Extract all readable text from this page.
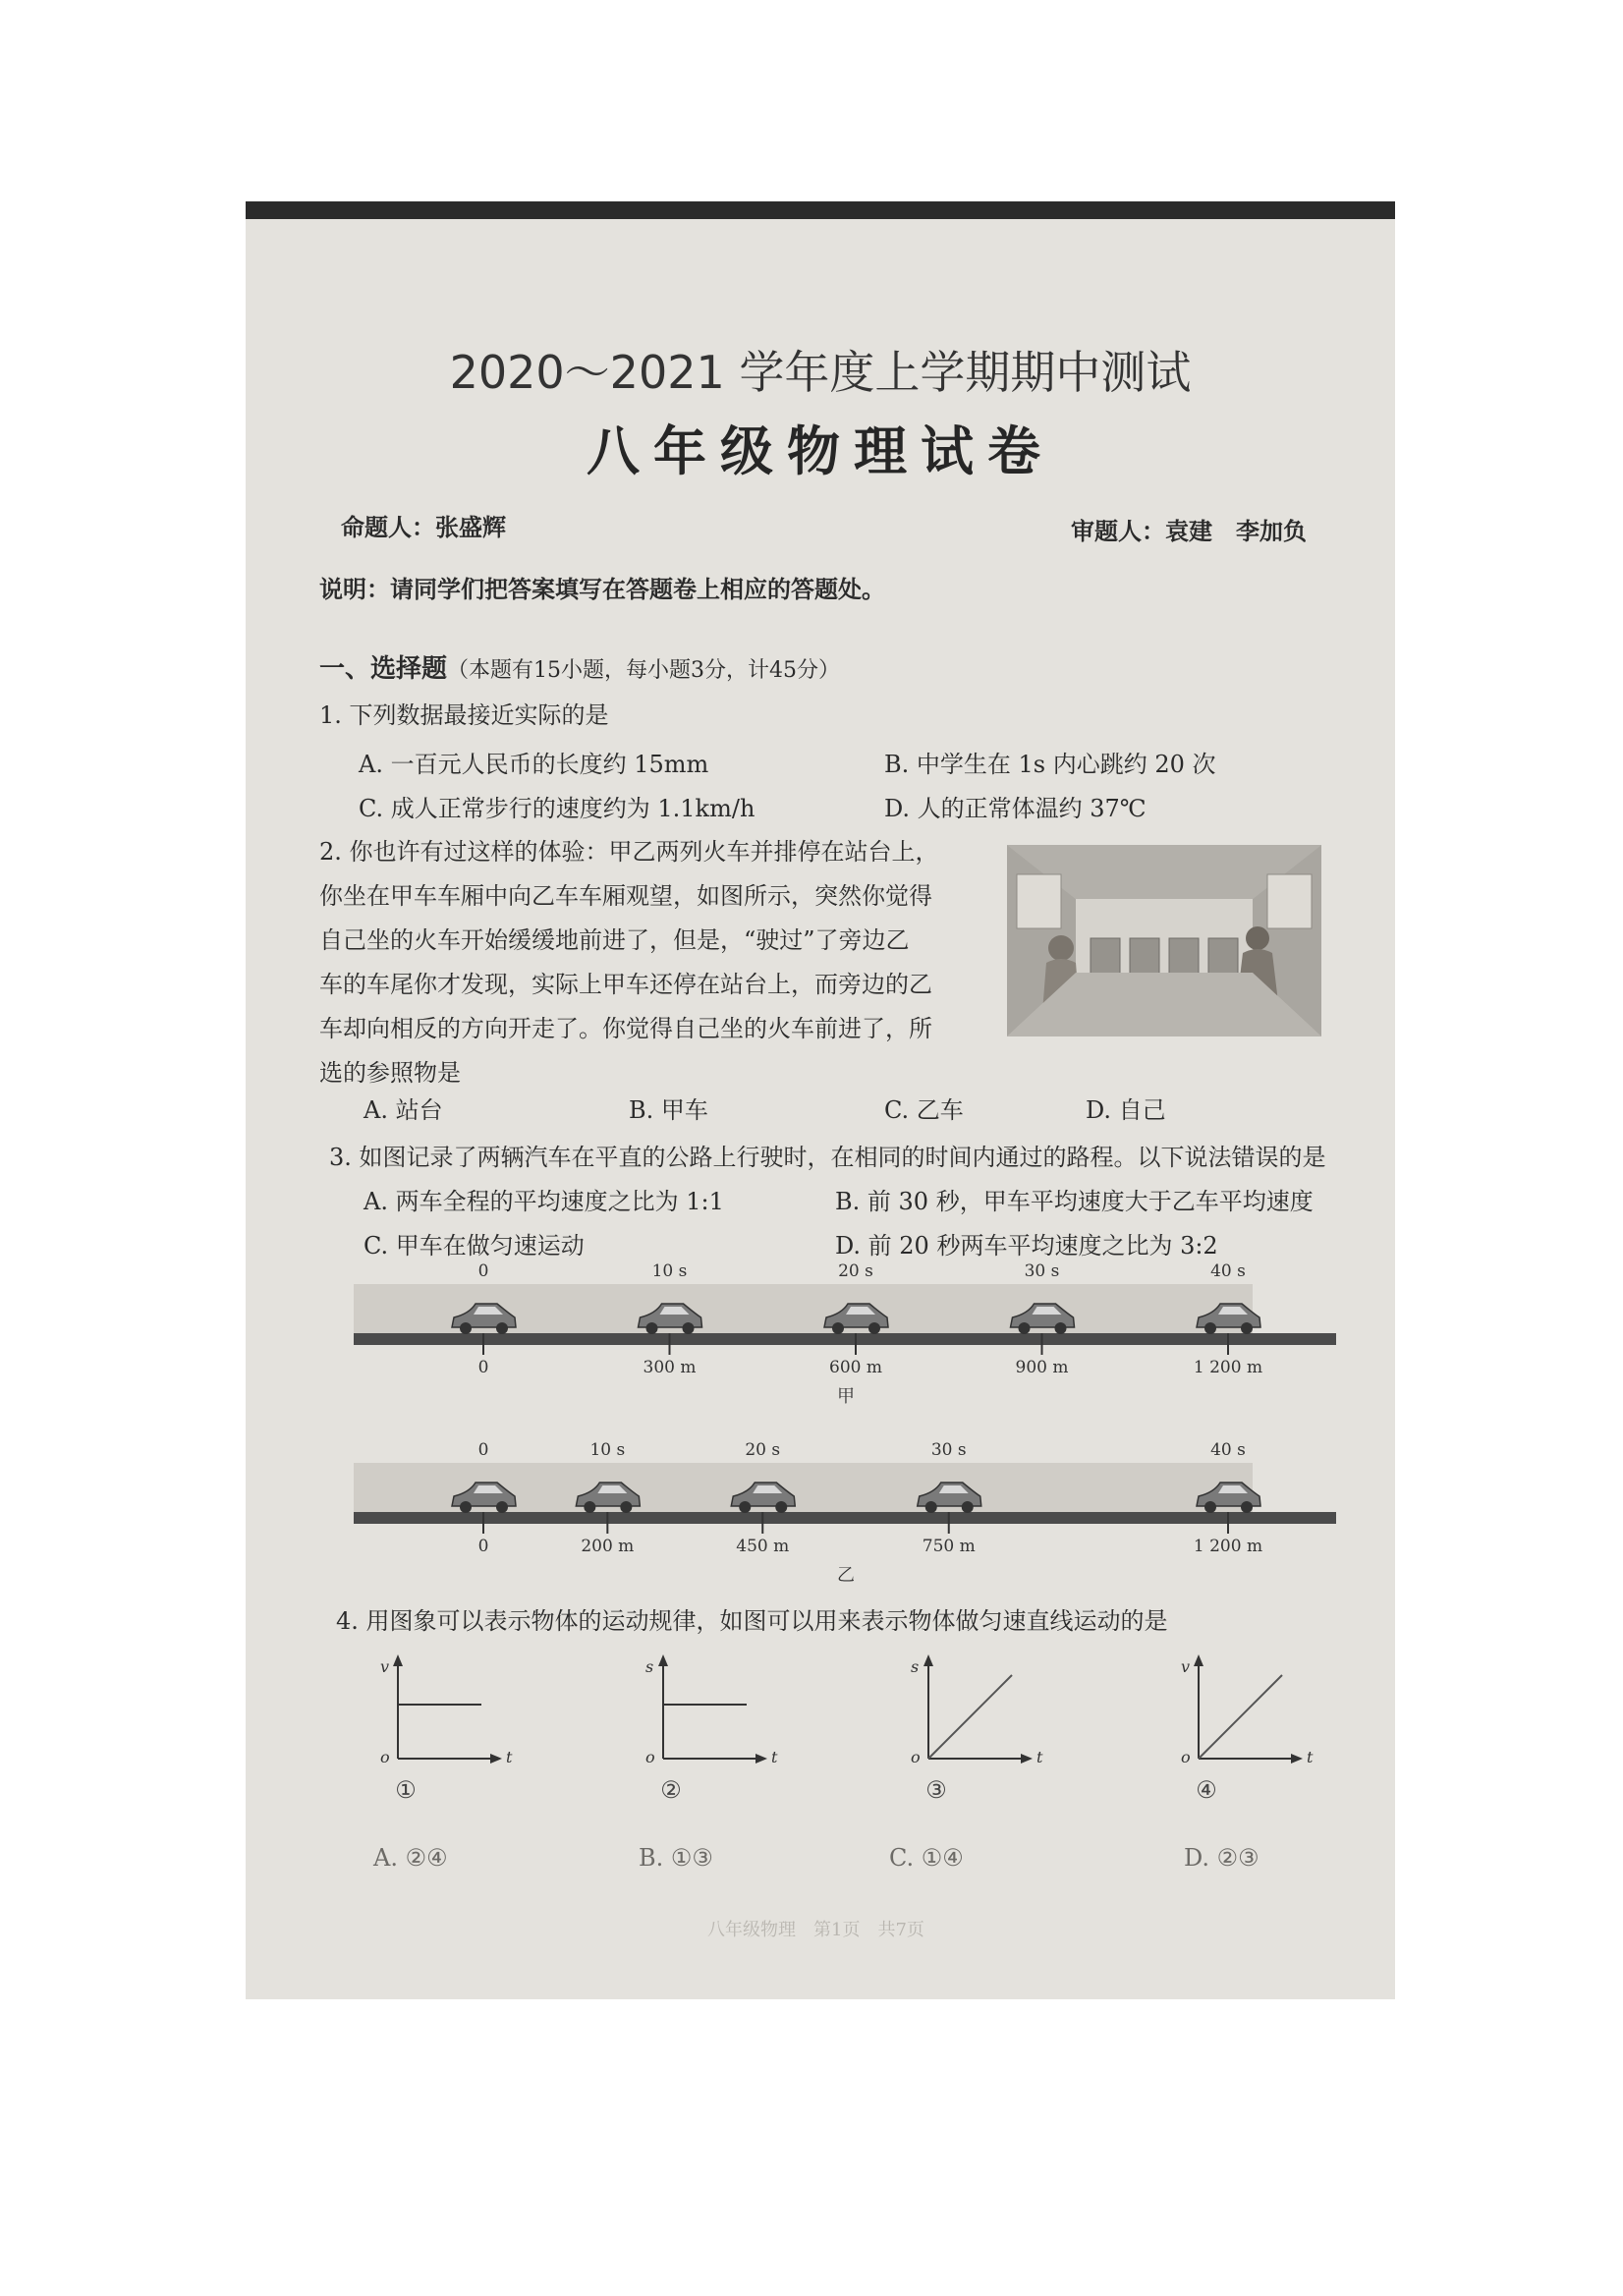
2020～2021 学年度上学期期中测试
八年级物理试卷
命题人：张盛辉	审题人：袁建　李加负
说明：请同学们把答案填写在答题卷上相应的答题处。
一、选择题（本题有15小题，每小题3分，计45分）
1. 下列数据最接近实际的是
A. 一百元人民币的长度约 15mm	B. 中学生在 1s 内心跳约 20 次
C. 成人正常步行的速度约为 1.1km/h	D. 人的正常体温约 37℃
2. 你也许有过这样的体验：甲乙两列火车并排停在站台上，
你坐在甲车车厢中向乙车车厢观望，如图所示，突然你觉得
自己坐的火车开始缓缓地前进了，但是，“驶过”了旁边乙
车的车尾你才发现，实际上甲车还停在站台上，而旁边的乙
车却向相反的方向开走了。你觉得自己坐的火车前进了，所
选的参照物是
A. 站台	B. 甲车	C. 乙车	D. 自己
3. 如图记录了两辆汽车在平直的公路上行驶时，在相同的时间内通过的路程。以下说法错误的是
A. 两车全程的平均速度之比为 1:1	B. 前 30 秒，甲车平均速度大于乙车平均速度
C. 甲车在做匀速运动	D. 前 20 秒两车平均速度之比为 3:2
0
0
10 s
300 m
20 s
600 m
30 s
900 m
40 s
1 200 m
甲
0
0
10 s
200 m
20 s
450 m
30 s
750 m
40 s
1 200 m
乙
4. 用图象可以表示物体的运动规律，如图可以用来表示物体做匀速直线运动的是
v
t
o
①
s
t
o
②
s
t
o
③
v
t
o
④
A. ②④	B. ①③	C. ①④	D. ②③
八年级物理　第1页　共7页
